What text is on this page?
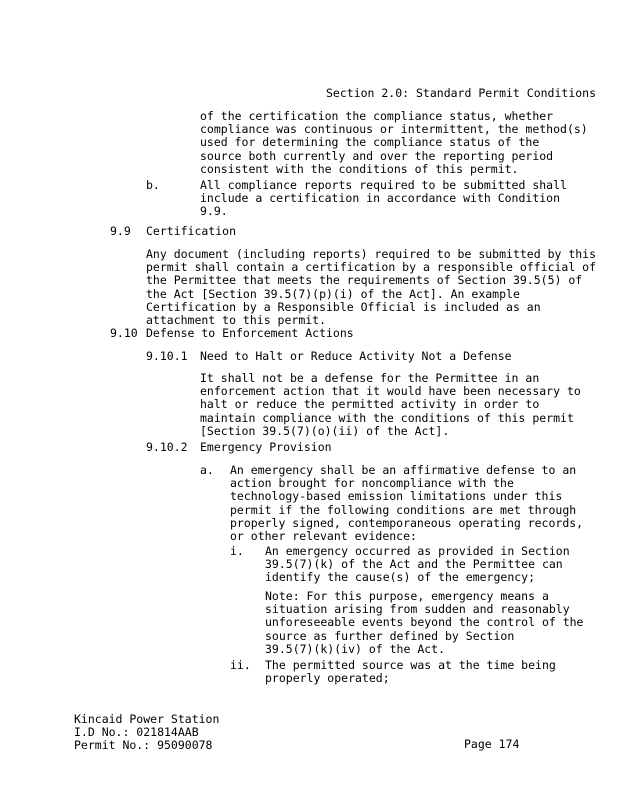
Section 2.0: Standard Permit Conditions
of the certification the compliance status, whether
compliance was continuous or intermittent, the method(s)
used for determining the compliance status of the
source both currently and over the reporting period
consistent with the conditions of this permit.
b.	All compliance reports required to be submitted shall
include a certification in accordance with Condition
9.9.
9.9 Certification
Any document (including reports) required to be submitted by this
permit shall contain a certification by a responsible official of
the Permittee that meets the requirements of Section 39.5(5) of
the Act [Section 39.5(7)(p)(i) of the Act]. An example
Certification by a Responsible Official is included as an
attachment to this permit.
9.10 Defense to Enforcement Actions
9.10.1 Need to Halt or Reduce Activity Not a Defense
It shall not be a defense for the Permittee in an
enforcement action that it would have been necessary to
halt or reduce the permitted activity in order to
maintain compliance with the conditions of this permit
[Section 39.5(7)(o)(ii) of the Act].
9.10.2 Emergency Provision
a. An emergency shall be an affirmative defense to an
action brought for noncompliance with the
technology-based emission limitations under this
permit if the following conditions are met through
properly signed, contemporaneous operating records,
or other relevant evidence:
i. An emergency occurred as provided in Section
39.5(7)(k) of the Act and the Permittee can
identify the cause(s) of the emergency;
Note: For this purpose, emergency means a
situation arising from sudden and reasonably
unforeseeable events beyond the control of the
source as further defined by Section
39.5(7)(k)(iv) of the Act.
ii. The permitted source was at the time being
properly operated;
Kincaid Power Station
I.D No.: 021814AAB
Permit No.: 95090078	Page 174
